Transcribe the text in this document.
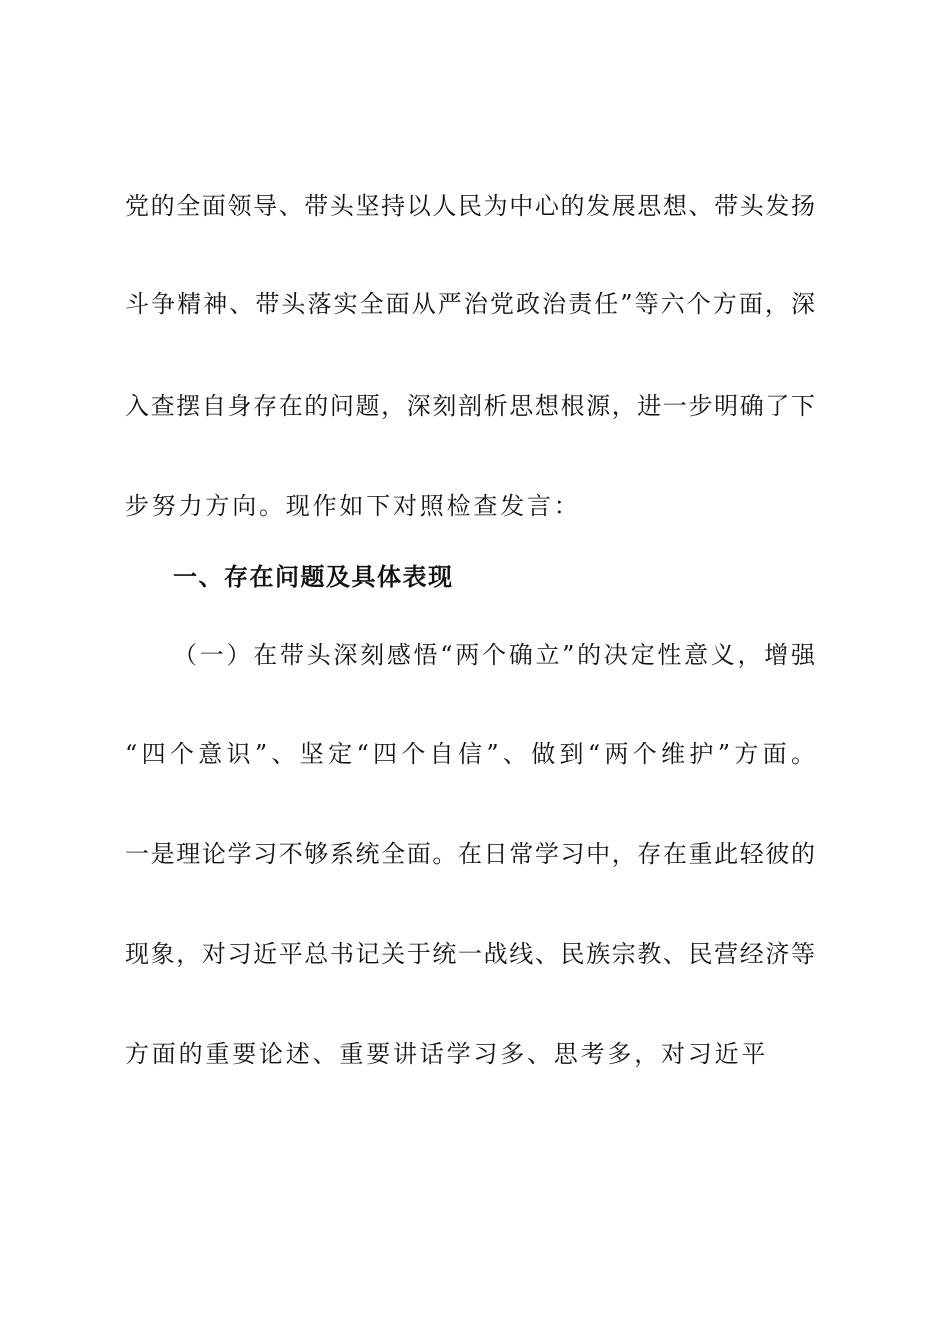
党的全面领导、带头坚持以人民为中心的发展思想、带头发扬
斗争精神、带头落实全面从严治党政治责任”等六个方面，深
入查摆自身存在的问题，深刻剖析思想根源，进一步明确了下
步努力方向。现作如下对照检查发言：
一、存在问题及具体表现
（一）在带头深刻感悟“两个确立”的决定性意义，增强
“四个意识”、坚定“四个自信”、做到“两个维护”方面。
一是理论学习不够系统全面。在日常学习中，存在重此轻彼的
现象，对习近平总书记关于统一战线、民族宗教、民营经济等
方面的重要论述、重要讲话学习多、思考多，对习近平
